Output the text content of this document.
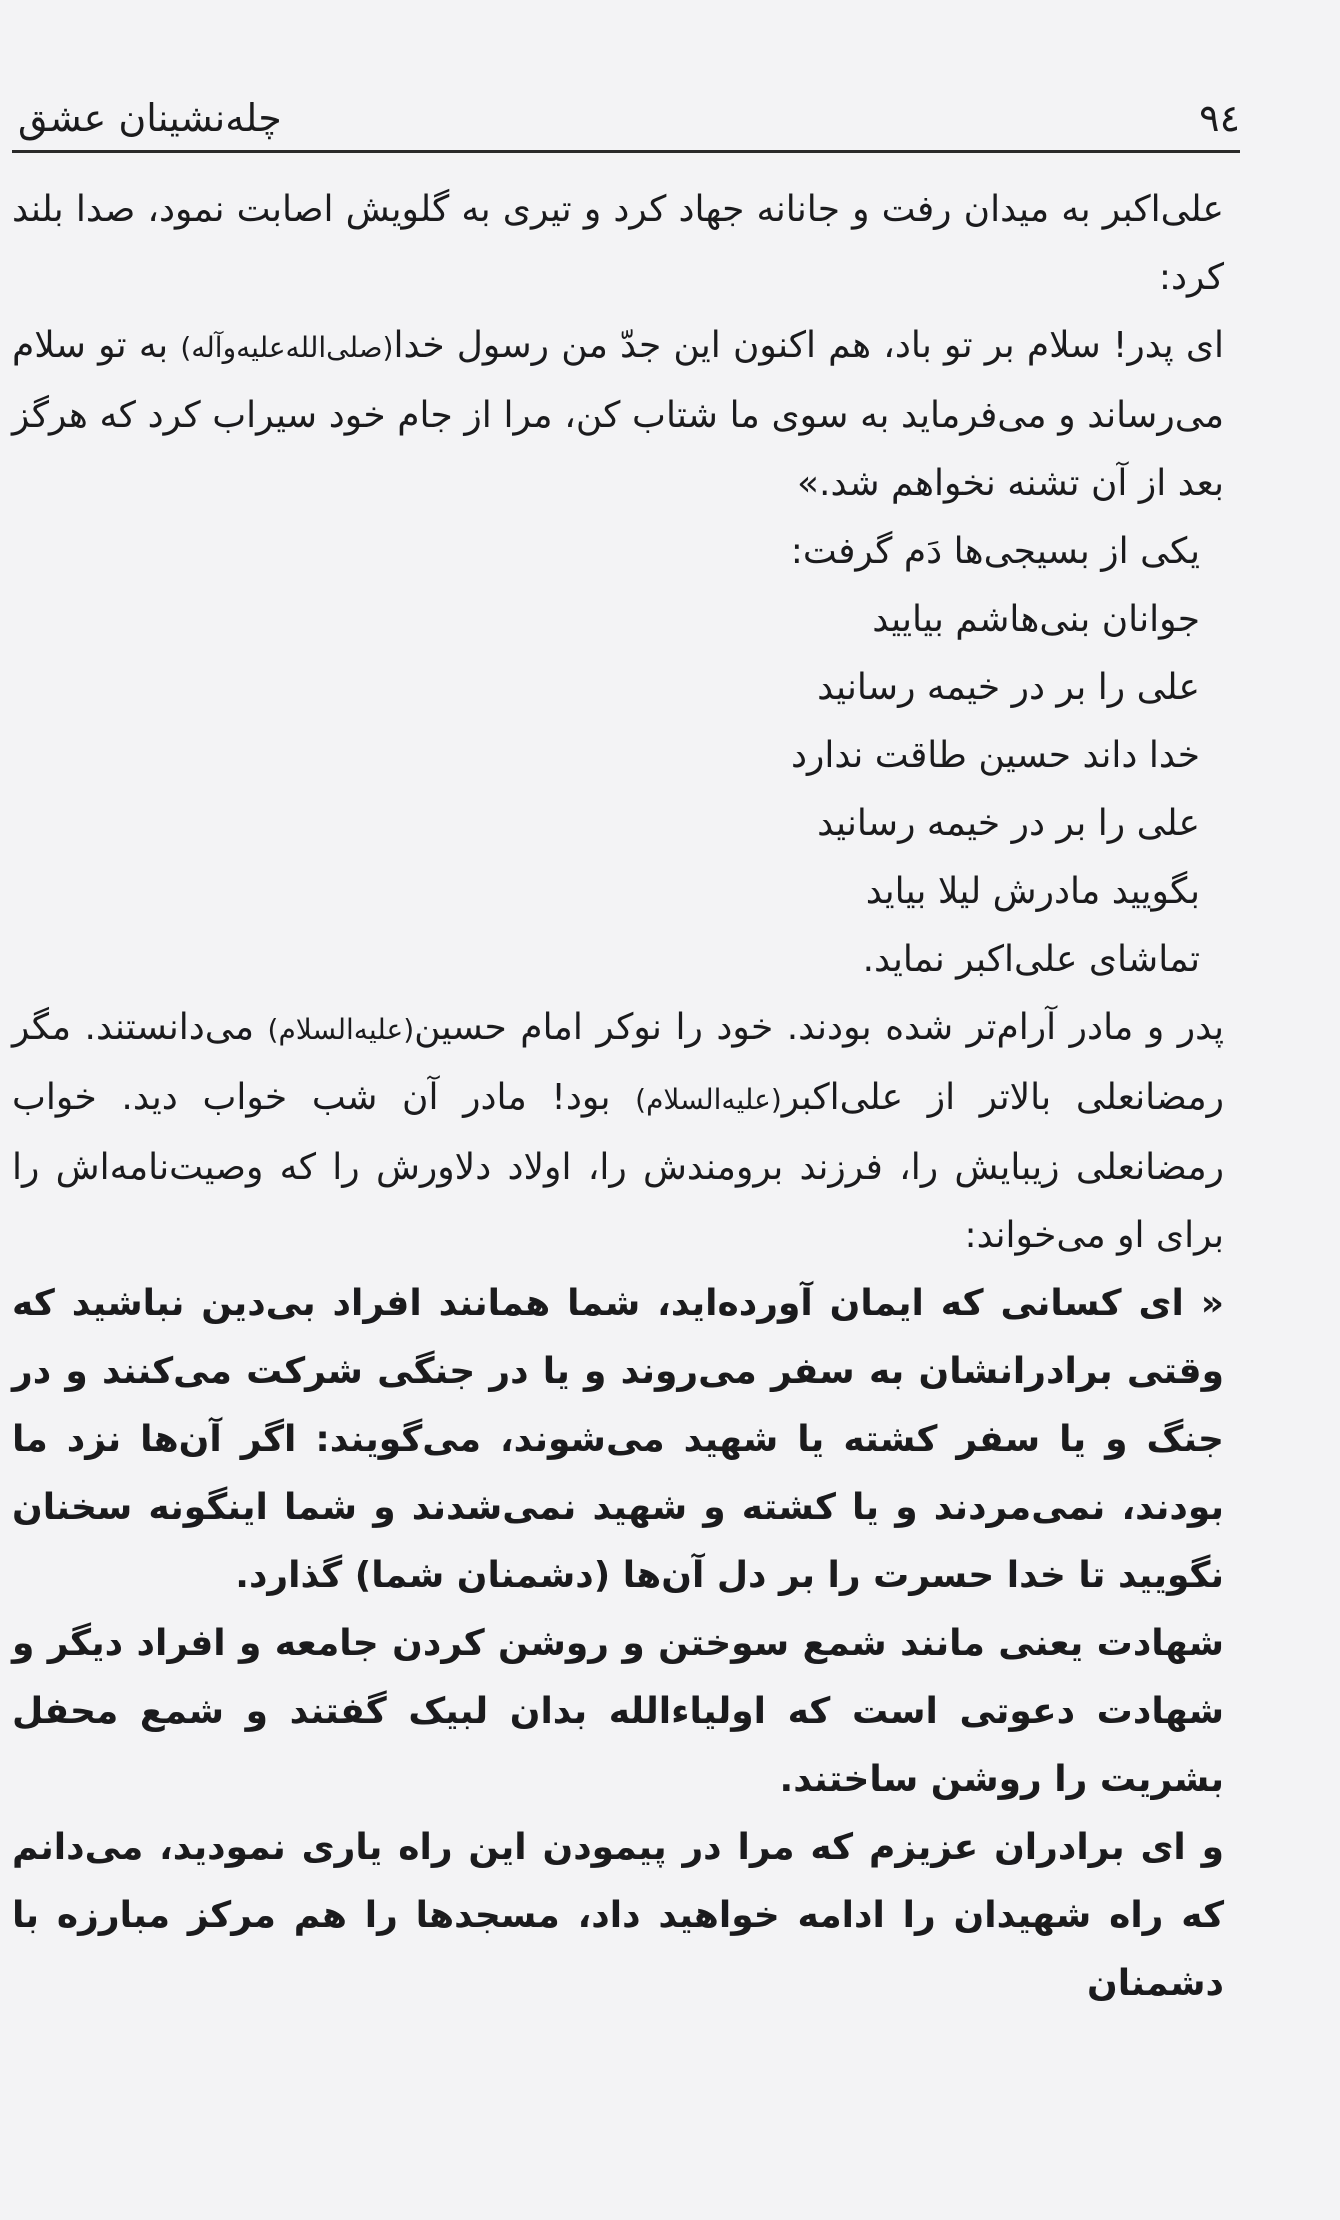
چله‌نشینان عشق	۹٤

علی‌اکبر به میدان رفت و جانانه جهاد کرد و تیری به گلویش اصابت نمود، صدا بلند کرد:

ای پدر! سلام بر تو باد، هم اکنون این جدّ من رسول خدا(صلی‌الله‌علیه‌وآله) به تو سلام می‌رساند و می‌فرماید به سوی ما شتاب کن، مرا از جام خود سیراب کرد که هرگز بعد از آن تشنه نخواهم شد.»

یکی از بسیجی‌ها دَم گرفت:

جوانان بنی‌هاشم بیایید

علی را بر در خیمه رسانید

خدا داند حسین طاقت ندارد

علی را بر در خیمه رسانید

بگویید مادرش لیلا بیاید

تماشای علی‌اکبر نماید.

پدر و مادر آرام‌تر شده بودند. خود را نوکر امام حسین(علیه‌السلام) می‌دانستند. مگر رمضانعلی بالاتر از علی‌اکبر(علیه‌السلام) بود! مادر آن شب خواب دید. خواب رمضانعلی زیبایش را، فرزند برومندش را، اولاد دلاورش را که وصیت‌نامه‌اش را برای او می‌خواند:

« ای کسانی که ایمان آورده‌اید، شما همانند افراد بی‌دین نباشید که وقتی برادرانشان به سفر می‌روند و یا در جنگی شرکت می‌کنند و در جنگ و یا سفر کشته یا شهید می‌شوند، می‌گویند: اگر آن‌ها نزد ما بودند، نمی‌مردند و یا کشته و شهید نمی‌شدند و شما اینگونه سخنان نگویید تا خدا حسرت را بر دل آن‌ها (دشمنان شما) گذارد.

شهادت یعنی مانند شمع سوختن و روشن کردن جامعه و افراد دیگر و شهادت دعوتی است که اولیاءالله بدان لبیک گفتند و شمع محفل بشریت را روشن ساختند.

و ای برادران عزیزم که مرا در پیمودن این راه یاری نمودید، می‌دانم که راه شهیدان را ادامه خواهید داد، مسجدها را هم مرکز مبارزه با دشمنان
